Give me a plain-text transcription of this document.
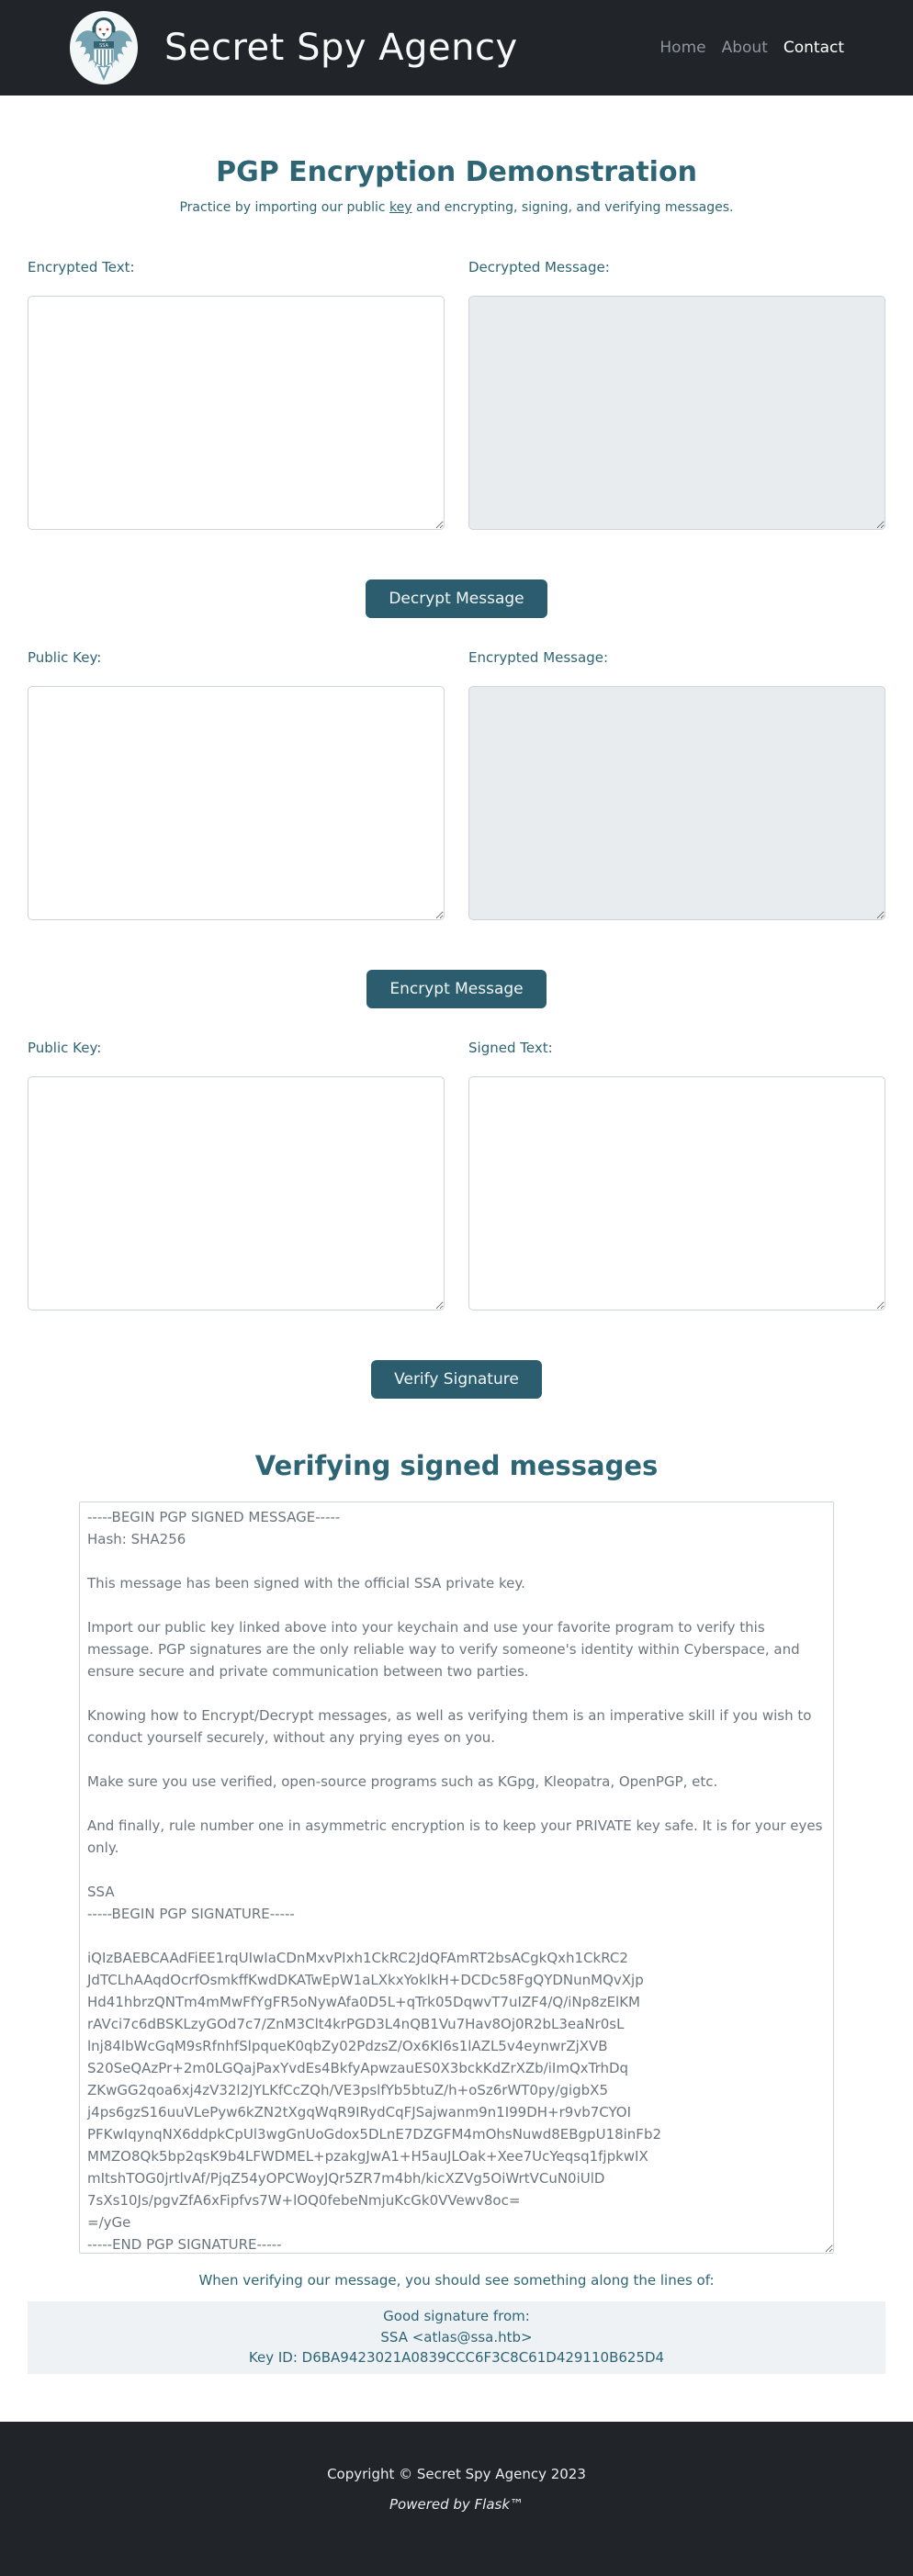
SSA Secret Spy Agency	Home About Contact
PGP Encryption Demonstration

Practice by importing our public key and encrypting, signing, and verifying messages.

Encrypted Text:	Decrypted Message:
Decrypt Message
Public Key:	Encrypted Message:
Encrypt Message
Public Key:	Signed Text:
Verify Signature
Verifying signed messages
-----BEGIN PGP SIGNED MESSAGE----- Hash: SHA256 This message has been signed with the official SSA private key. Import our public key linked above into your keychain and use your favorite program to verify this message. PGP signatures are the only reliable way to verify someone's identity within Cyberspace, and ensure secure and private communication between two parties. Knowing how to Encrypt/Decrypt messages, as well as verifying them is an imperative skill if you wish to conduct yourself securely, without any prying eyes on you. Make sure you use verified, open-source programs such as KGpg, Kleopatra, OpenPGP, etc. And finally, rule number one in asymmetric encryption is to keep your PRIVATE key safe. It is for your eyes only. SSA -----BEGIN PGP SIGNATURE----- iQIzBAEBCAAdFiEE1rqUIwIaCDnMxvPIxh1CkRC2JdQFAmRT2bsACgkQxh1CkRC2 JdTCLhAAqdOcrfOsmkffKwdDKATwEpW1aLXkxYoklkH+DCDc58FgQYDNunMQvXjp Hd41hbrzQNTm4mMwFfYgFR5oNywAfa0D5L+qTrk05DqwvT7uIZF4/Q/iNp8zElKM rAVci7c6dBSKLzyGOd7c7/ZnM3Clt4krPGD3L4nQB1Vu7Hav8Oj0R2bL3eaNr0sL lnj84lbWcGqM9sRfnhfSlpqueK0qbZy02PdzsZ/Ox6KI6s1lAZL5v4eynwrZjXVB S20SeQAzPr+2m0LGQajPaxYvdEs4BkfyApwzauES0X3bckKdZrXZb/iImQxTrhDq ZKwGG2qoa6xj4zV32l2JYLKfCcZQh/VE3pslfYb5btuZ/h+oSz6rWT0py/gigbX5 j4ps6gzS16uuVLePyw6kZN2tXgqWqR9IRydCqFJSajwanm9n1I99DH+r9vb7CYOI PFKwIqynqNX6ddpkCpUl3wgGnUoGdox5DLnE7DZGFM4mOhsNuwd8EBgpU18inFb2 MMZO8Qk5bp2qsK9b4LFWDMEL+pzakgJwA1+H5auJLOak+Xee7UcYeqsq1fjpkwIX mItshTOG0jrtlvAf/PjqZ54yOPCWoyJQr5ZR7m4bh/kicXZVg5OiWrtVCuN0iUlD 7sXs10Js/pgvZfA6xFipfvs7W+lOQ0febeNmjuKcGk0VVewv8oc= =/yGe -----END PGP SIGNATURE-----

When verifying our message, you should see something along the lines of:

Good signature from:
SSA <atlas@ssa.htb>
Key ID: D6BA9423021A0839CCC6F3C8C61D429110B625D4

Copyright © Secret Spy Agency 2023

Powered by Flask™
